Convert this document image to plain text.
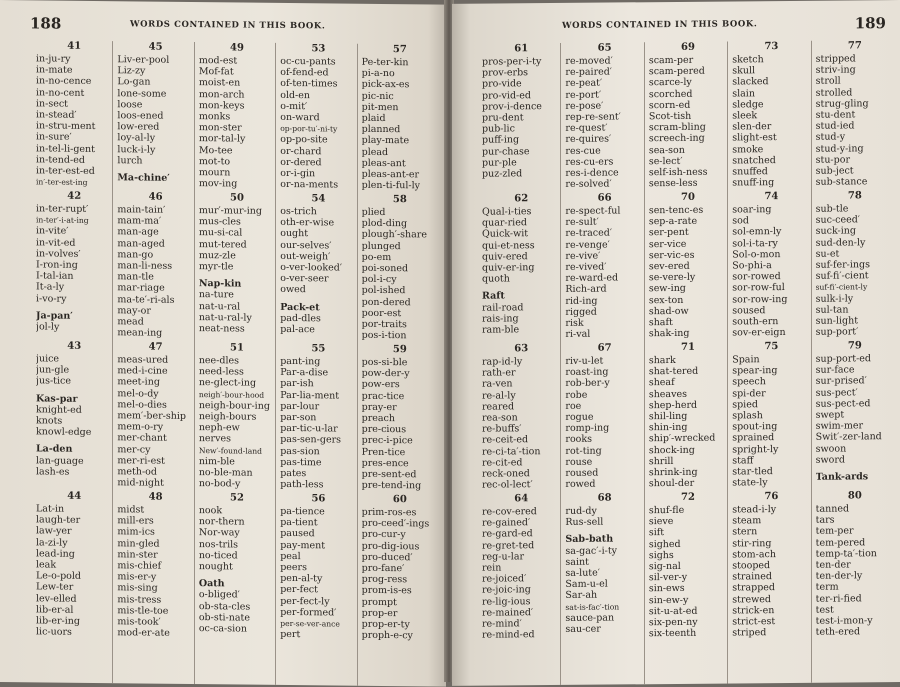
188	WORDS CONTAINED IN THIS BOOK.
41
in-ju-ry
in-mate
in-no-cence
in-no-cent
in-sect
in-stead′
in-stru-ment
in-sure′
in-tel-li-gent
in-tend-ed
in-ter-est-ed
in′-ter-est-ing
42
in-ter-rupt′
in-ter′-i-at-ing
in-vite′
in-vit-ed
in-volves′
I-ron-ing
I-tal-ian
It-a-ly
i-vo-ry
Ja-pan′
jol-ly
43
juice
jun-gle
jus-tice
Kas-par
knight-ed
knots
knowl-edge
La-den
lan-guage
lash-es
44
Lat-in
laugh-ter
law-yer
la-zi-ly
lead-ing
leak
Le-o-pold
Lew-ter
lev-elled
lib-er-al
lib-er-ing
lic-uors
45
Liv-er-pool
Liz-zy
Lo-gan
lone-some
loose
loos-ened
low-ered
loy-al-ly
luck-i-ly
lurch
Ma-chine′
46
main-tain′
mam-ma′
man-age
man-aged
man-go
man-li-ness
man-tle
mar-riage
ma-te′-ri-als
may-or
mead
mean-ing
47
meas-ured
med-i-cine
meet-ing
mel-o-dy
mel-o-dies
mem′-ber-ship
mem-o-ry
mer-chant
mer-cy
mer-ri-est
meth-od
mid-night
48
midst
mill-ers
mim-ics
min-gled
min-ster
mis-chief
mis-er-y
mis-sing
mis-tress
mis-tle-toe
mis-took′
mod-er-ate
49
mod-est
Mof-fat
moist-en
mon-arch
mon-keys
monks
mon-ster
mor-tal-ly
Mo-tee
mot-to
mourn
mov-ing
50
mur′-mur-ing
mus-cles
mu-si-cal
mut-tered
muz-zle
myr-tle
Nap-kin
na-ture
nat-u-ral
nat-u-ral-ly
neat-ness
51
nee-dles
need-less
ne-glect-ing
neigh′-bour-hood
neigh-bour-ing
neigh-bours
neph-ew
nerves
New′-found-land
nim-ble
no-ble-man
no-bod-y
52
nook
nor-thern
Nor-way
nos-trils
no-ticed
nought
Oath
o-bliged′
ob-sta-cles
ob-sti-nate
oc-ca-sion
53
oc-cu-pants
of-fend-ed
of-ten-times
old-en
o-mit′
on-ward
op-por-tu′-ni-ty
op-po-site
or-chard
or-dered
or-i-gin
or-na-ments
54
os-trich
oth-er-wise
ought
our-selves′
out-weigh′
o-ver-looked′
o-ver-seer
owed
Pack-et
pad-dles
pal-ace
55
pant-ing
Par-a-dise
par-ish
Par-lia-ment
par-lour
par-son
par-tic-u-lar
pas-sen-gers
pas-sion
pas-time
pates
path-less
56
pa-tience
pa-tient
paused
pay-ment
peal
peers
pen-al-ty
per-fect
per-fect-ly
per-formed′
per-se-ver-ance
pert
57
Pe-ter-kin
pi-a-no
pick-ax-es
pic-nic
pit-men
plaid
planned
play-mate
plead
pleas-ant
pleas-ant-er
plen-ti-ful-ly
58
plied
plod-ding
plough′-share
plunged
po-em
poi-soned
pol-i-cy
pol-ished
pon-dered
poor-est
por-traits
pos-i-tion
59
pos-si-ble
pow-der-y
pow-ers
prac-tice
pray-er
preach
pre-cious
prec-i-pice
Pren-tice
pres-ence
pre-sent-ed
pre-tend-ing
60
prim-ros-es
pro-ceed′-ings
pro-cur-y
pro-dig-ious
pro-duced′
pro-fane′
prog-ress
prom-is-es
prompt
prop-er
prop-er-ty
proph-e-cy
WORDS CONTAINED IN THIS BOOK.	189
61
pros-per-i-ty
prov-erbs
pro-vide
pro-vid-ed
prov-i-dence
pru-dent
pub-lic
puff-ing
pur-chase
pur-ple
puz-zled
62
Qual-i-ties
quar-ried
Quick-wit
qui-et-ness
quiv-ered
quiv-er-ing
quoth
Raft
rail-road
rais-ing
ram-ble
63
rap-id-ly
rath-er
ra-ven
re-al-ly
reared
rea-son
re-buffs′
re-ceit-ed
re-ci-ta′-tion
re-cit-ed
reck-oned
rec-ol-lect′
64
re-cov-ered
re-gained′
re-gard-ed
re-gret-ted
reg-u-lar
rein
re-joiced′
re-joic-ing
re-lig-ious
re-mained′
re-mind′
re-mind-ed
65
re-moved′
re-paired′
re-peat′
re-port′
re-pose′
rep-re-sent′
re-quest′
re-quires′
res-cue
res-cu-ers
res-i-dence
re-solved′
66
re-spect-ful
re-sult′
re-traced′
re-venge′
re-vive′
re-vived′
re-ward-ed
Rich-ard
rid-ing
rigged
risk
ri-val
67
riv-u-let
roast-ing
rob-ber-y
robe
roe
rogue
romp-ing
rooks
rot-ting
rouse
roused
rowed
68
rud-dy
Rus-sell
Sab-bath
sa-gac′-i-ty
saint
sa-lute′
Sam-u-el
Sar-ah
sat-is-fac′-tion
sauce-pan
sau-cer
69
scam-per
scam-pered
scarce-ly
scorched
scorn-ed
Scot-tish
scram-bling
screech-ing
sea-son
se-lect′
self-ish-ness
sense-less
70
sen-tenc-es
sep-a-rate
ser-pent
ser-vice
ser-vic-es
sev-ered
se-vere-ly
sew-ing
sex-ton
shad-ow
shaft
shak-ing
71
shark
shat-tered
sheaf
sheaves
shep-herd
shil-ling
shin-ing
ship′-wrecked
shock-ing
shrill
shrink-ing
shoul-der
72
shuf-fle
sieve
sift
sighed
sighs
sig-nal
sil-ver-y
sin-ews
sin-ew-y
sit-u-at-ed
six-pen-ny
six-teenth
73
sketch
skull
slacked
slain
sledge
sleek
slen-der
slight-est
smoke
snatched
snuffed
snuff-ing
74
soar-ing
sod
sol-emn-ly
sol-i-ta-ry
Sol-o-mon
So-phi-a
sor-rowed
sor-row-ful
sor-row-ing
soused
south-ern
sov-er-eign
75
Spain
spear-ing
speech
spi-der
spied
splash
spout-ing
sprained
spright-ly
staff
star-tled
state-ly
76
stead-i-ly
steam
stern
stir-ring
stom-ach
stooped
strained
strapped
strewed
strick-en
strict-est
striped
77
stripped
striv-ing
stroll
strolled
strug-gling
stu-dent
stud-ied
stud-y
stud-y-ing
stu-por
sub-ject
sub-stance
78
sub-tle
suc-ceed′
suck-ing
sud-den-ly
su-et
suf-fer-ings
suf-fi′-cient
suf-fi′-cient-ly
sulk-i-ly
sul-tan
sun-light
sup-port′
79
sup-port-ed
sur-face
sur-prised′
sus-pect′
sus-pect-ed
swept
swim-mer
Swit′-zer-land
swoon
sword
Tank-ards
80
tanned
tars
tem-per
tem-pered
temp-ta′-tion
ten-der
ten-der-ly
term
ter-ri-fied
test
test-i-mon-y
teth-ered
